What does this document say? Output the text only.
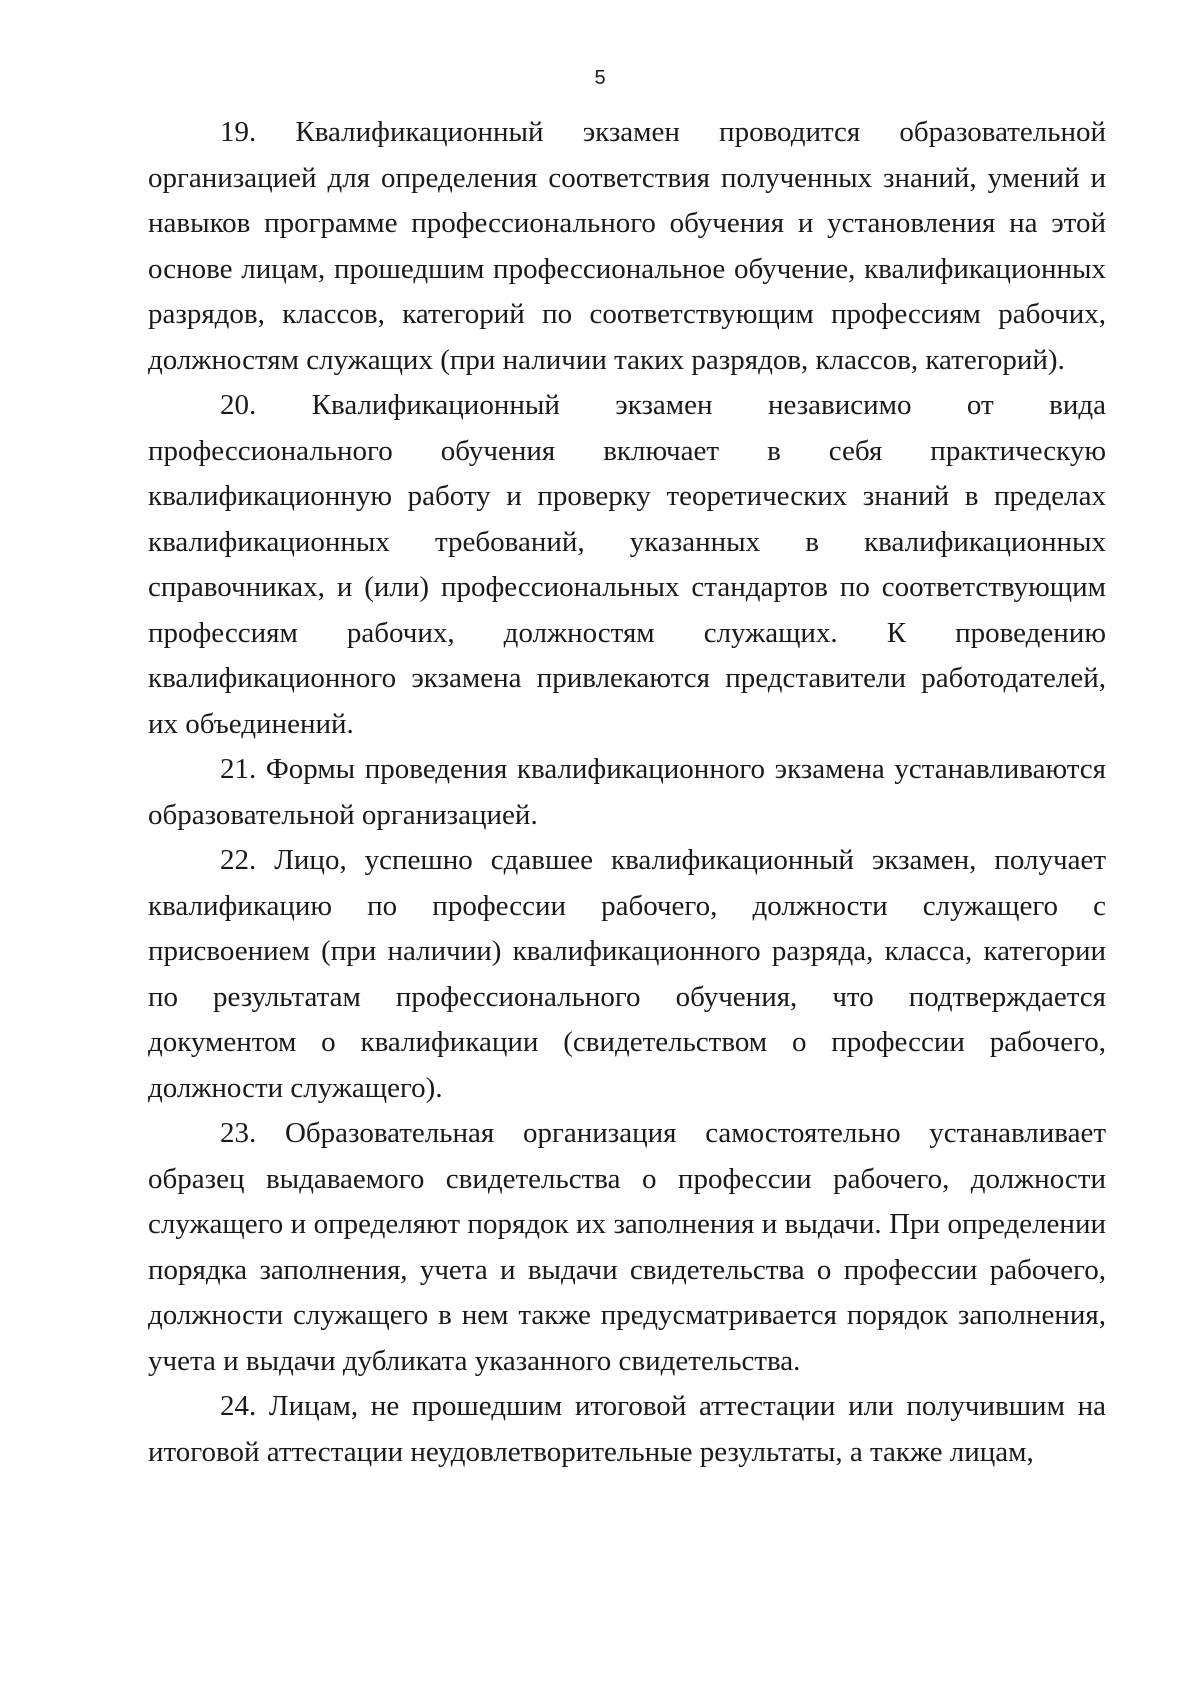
5

19. Квалификационный экзамен проводится образовательной организацией для определения соответствия полученных знаний, умений и навыков программе профессионального обучения и установления на этой основе лицам, прошедшим профессиональное обучение, квалификационных разрядов, классов, категорий по соответствующим профессиям рабочих, должностям служащих (при наличии таких разрядов, классов, категорий).

20. Квалификационный экзамен независимо от вида профессионального обучения включает в себя практическую квалификационную работу и проверку теоретических знаний в пределах квалификационных требований, указанных в квалификационных справочниках, и (или) профессиональных стандартов по соответствующим профессиям рабочих, должностям служащих. К проведению квалификационного экзамена привлекаются представители работодателей, их объединений.

21. Формы проведения квалификационного экзамена устанавливаются образовательной организацией.

22. Лицо, успешно сдавшее квалификационный экзамен, получает квалификацию по профессии рабочего, должности служащего с присвоением (при наличии) квалификационного разряда, класса, категории по результатам профессионального обучения, что подтверждается документом о квалификации (свидетельством о профессии рабочего, должности служащего).

23. Образовательная организация самостоятельно устанавливает образец выдаваемого свидетельства о профессии рабочего, должности служащего и определяют порядок их заполнения и выдачи. При определении порядка заполнения, учета и выдачи свидетельства о профессии рабочего, должности служащего в нем также предусматривается порядок заполнения, учета и выдачи дубликата указанного свидетельства.

24. Лицам, не прошедшим итоговой аттестации или получившим на итоговой аттестации неудовлетворительные результаты, а также лицам,
